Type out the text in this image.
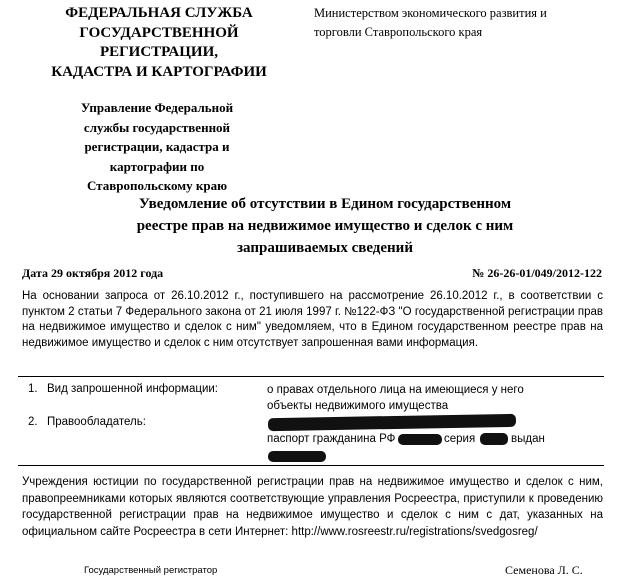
ФЕДЕРАЛЬНАЯ СЛУЖБА
ГОСУДАРСТВЕННОЙ
РЕГИСТРАЦИИ,
КАДАСТРА И КАРТОГРАФИИ
Министерством экономического развития и
торговли Ставропольского края
Управление Федеральной
службы государственной
регистрации, кадастра и
картографии по
Ставропольскому краю
Уведомление об отсутствии в Едином государственном
реестре прав на недвижимое имущество и сделок с ним
запрашиваемых сведений
Дата 29 октября 2012 года	№ 26-26-01/049/2012-122
На основании запроса от 26.10.2012 г., поступившего на рассмотрение 26.10.2012 г., в соответствии с пунктом 2 статьи 7 Федерального закона от 21 июля 1997 г. №122-ФЗ "О государственной регистрации прав на недвижимое имущество и сделок с ним" уведомляем, что в Едином государственном реестре прав на недвижимое имущество и сделок с ним отсутствует запрошенная вами информация.
1. Вид запрошенной информации:	о правах отдельного лица на имеющиеся у него
объекты недвижимого имущества
2. Правообладатель:
паспорт гражданина РФ	серия	выдан
Учреждения юстиции по государственной регистрации прав на недвижимое имущество и сделок с ним, правопреемниками которых являются соответствующие управления Росреестра, приступили к проведению государственной регистрации прав на недвижимое имущество и сделок с ним с дат, указанных на официальном сайте Росреестра в сети Интернет: http://www.rosreestr.ru/registrations/svedgosreg/
Государственный регистратор	Семенова Л. С.
